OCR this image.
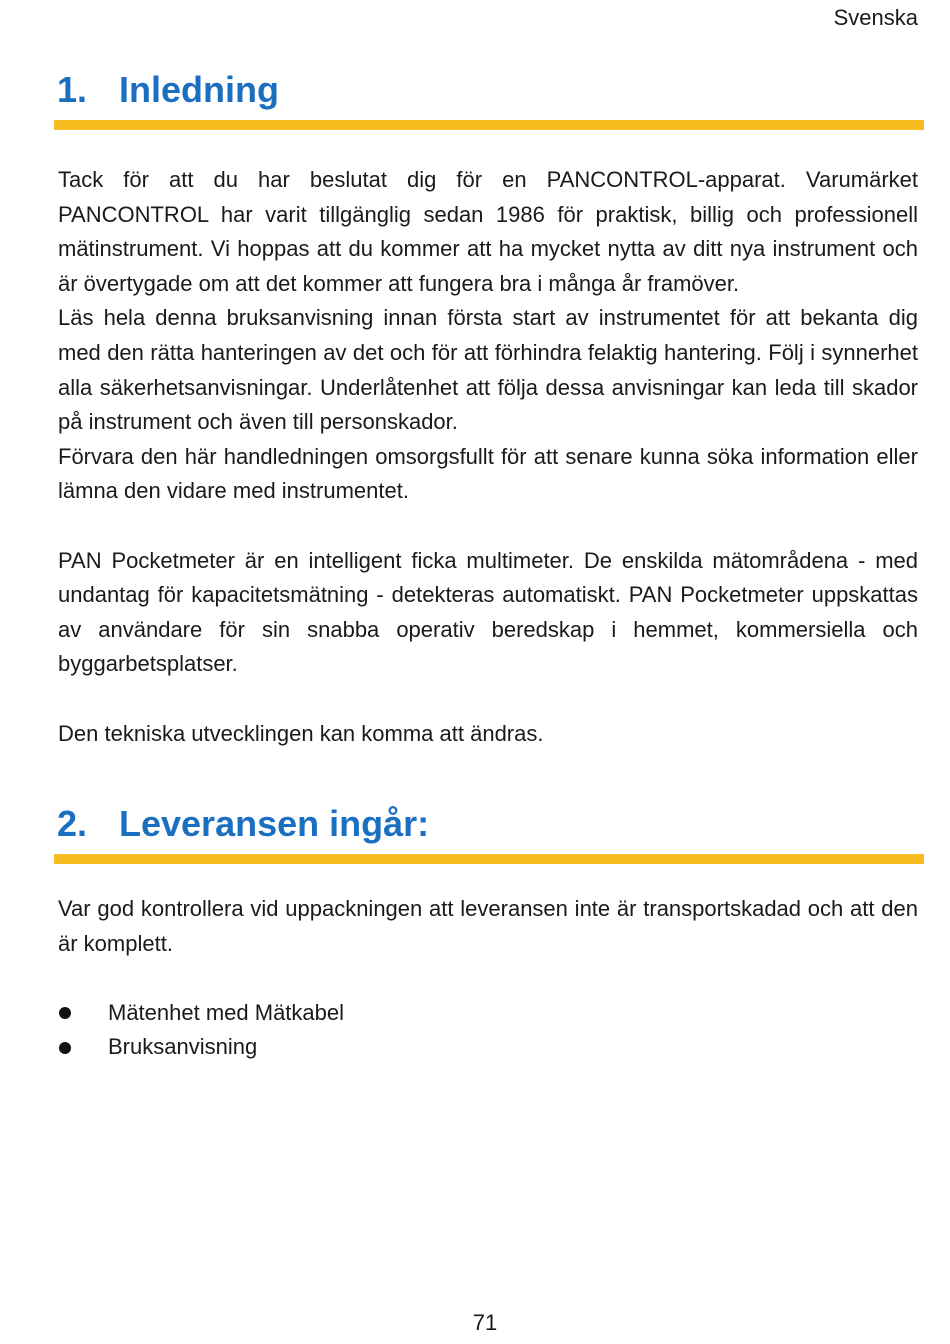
Svenska
1. Inledning

Tack för att du har beslutat dig för en PANCONTROL-apparat. Varumärket PANCONTROL har varit tillgänglig sedan 1986 för praktisk, billig och professionell mätinstrument. Vi hoppas att du kommer att ha mycket nytta av ditt nya instrument och är övertygade om att det kommer att fungera bra i många år framöver.

Läs hela denna bruksanvisning innan första start av instrumentet för att bekanta dig med den rätta hanteringen av det och för att förhindra felaktig hantering. Följ i synnerhet alla säkerhetsanvisningar. Underlåtenhet att följa dessa anvisningar kan leda till skador på instrument och även till personskador.

Förvara den här handledningen omsorgsfullt för att senare kunna söka information eller lämna den vidare med instrumentet.

PAN Pocketmeter är en intelligent ficka multimeter. De enskilda mätområdena - med undantag för kapacitetsmätning - detekteras automatiskt. PAN Pocketmeter uppskattas av användare för sin snabba operativ beredskap i hemmet, kommersiella och byggarbetsplatser.

Den tekniska utvecklingen kan komma att ändras.

2. Leveransen ingår:

Var god kontrollera vid uppackningen att leveransen inte är transportskadad och att den är komplett.

Mätenhet med Mätkabel
Bruksanvisning
71
